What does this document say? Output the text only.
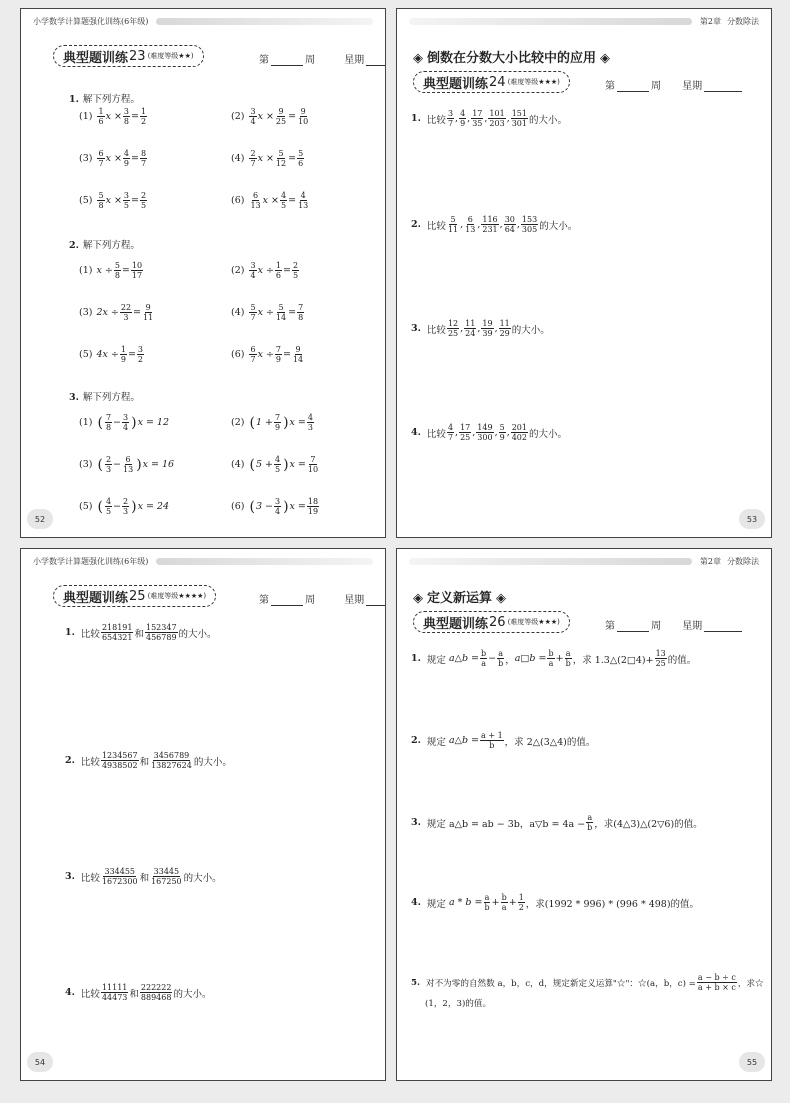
小学数学计算题强化训练(6年级)
典型题训练 23 (难度等级★★)	第	周	星期
1. 解下列方程。
$(1) \frac{1}{6}$ $x \times \frac{3}{8} = \frac{1}{2}$	$(2) \frac{3}{4}$ $x \times \frac{9}{25} = \frac{9}{10}$
$(3) \frac{6}{7}$ $x \times \frac{4}{9} = \frac{8}{7}$	$(4) \frac{2}{7}$ $x \times \frac{5}{12} = \frac{5}{6}$
$(5) \frac{5}{8}$ $x \times \frac{3}{5} = \frac{2}{5}$	$(6) \frac{6}{13}$ $x \times \frac{4}{5} = \frac{4}{13}$
2. 解下列方程。
(1) $x \div \frac{5}{8} = \frac{10}{17}$	$(2) \frac{3}{4}$ $x \div \frac{1}{6} = \frac{2}{5}$
(3) $2x \div \frac{22}{3} = \frac{9}{11}$	$(4) \frac{5}{7}$ $x \div \frac{5}{14} = \frac{7}{8}$
(5) $4x \div \frac{1}{9} = \frac{3}{2}$	$(6) \frac{6}{7}$ $x \div \frac{7}{9} = \frac{9}{14}$
3. 解下列方程。
(1) ( $\frac{7}{8} - \frac{3}{4}$ ) x = 12	(2) ( $1 + \frac{7}{9}$ ) $x = \frac{4}{3}$
(3) ( $\frac{2}{3} - \frac{6}{13}$ ) x = 16	(4) ( $5 + \frac{4}{5}$ ) $x = \frac{7}{10}$
(5) ( $\frac{4}{5} - \frac{2}{3}$ ) x = 24	(6) ( $3 - \frac{3}{4}$ ) $x = \frac{18}{19}$
52
第2章 分数除法
◈ 倒数在分数大小比较中的应用 ◈
典型题训练 24 (难度等级★★★)	第	周 星期
1. 比较 $\frac{3}{7}$ , $\frac{4}{9}$ , $\frac{17}{35}$ , $\frac{101}{203}$ , $\frac{151}{301}$ 的大小。
2. 比较 $\frac{5}{11}$ , $\frac{6}{13}$ , $\frac{116}{231}$ , $\frac{30}{64}$ , $\frac{153}{305}$ 的大小。
3. 比较 $\frac{12}{25}$ , $\frac{11}{24}$ , $\frac{19}{39}$ , $\frac{11}{29}$ 的大小。
4. 比较 $\frac{4}{7}$ , $\frac{17}{25}$ , $\frac{149}{300}$ , $\frac{5}{9}$ , $\frac{201}{402}$ 的大小。
53
小学数学计算题强化训练(6年级)
典型题训练 25 (难度等级★★★★)	第	周	星期
1. 比较 $\frac{218191}{654321}$ 和 $\frac{152347}{456789}$ 的大小。
2. 比较 $\frac{1234567}{4938502}$ 和 $\frac{3456789}{13827624}$ 的大小。
3. 比较 $\frac{334455}{1672300}$ 和 $\frac{33445}{167250}$ 的大小。
4. 比较 $\frac{11111}{44473}$ 和 $\frac{222222}{889468}$ 的大小。
54
第2章 分数除法
◈ 定义新运算 ◈
典型题训练 26 (难度等级★★★)	第	周 星期
1. 规定
a△b = $\frac{b}{a} - \frac{a}{b}$ ， a□b = $\frac{b}{a} + \frac{a}{b}$ ，求 1.3△(2□4)+ $\frac{13}{25}$ 的值。
2. 规定
a△b = $\frac{a + 1}{b}$ ，求 2△(3△4)的值。
3. 规定
a△b = ab − 3b，a▽b = $4a - \frac{a}{b}$ ，求(4△3)△(2▽6)的值。
4. 规定
$a * b = \frac{a}{b} + \frac{b}{a} + \frac{1}{2}$ ，求(1992 * 996) * (996 * 498)的值。
5. 对不为零的自然数 a，b，c，d，规定新定义运算"☆"：☆(a，b，$c) = \frac{a - b \div c}{a + b \times c}$ ，求☆
(1，2，3)的值。
55
